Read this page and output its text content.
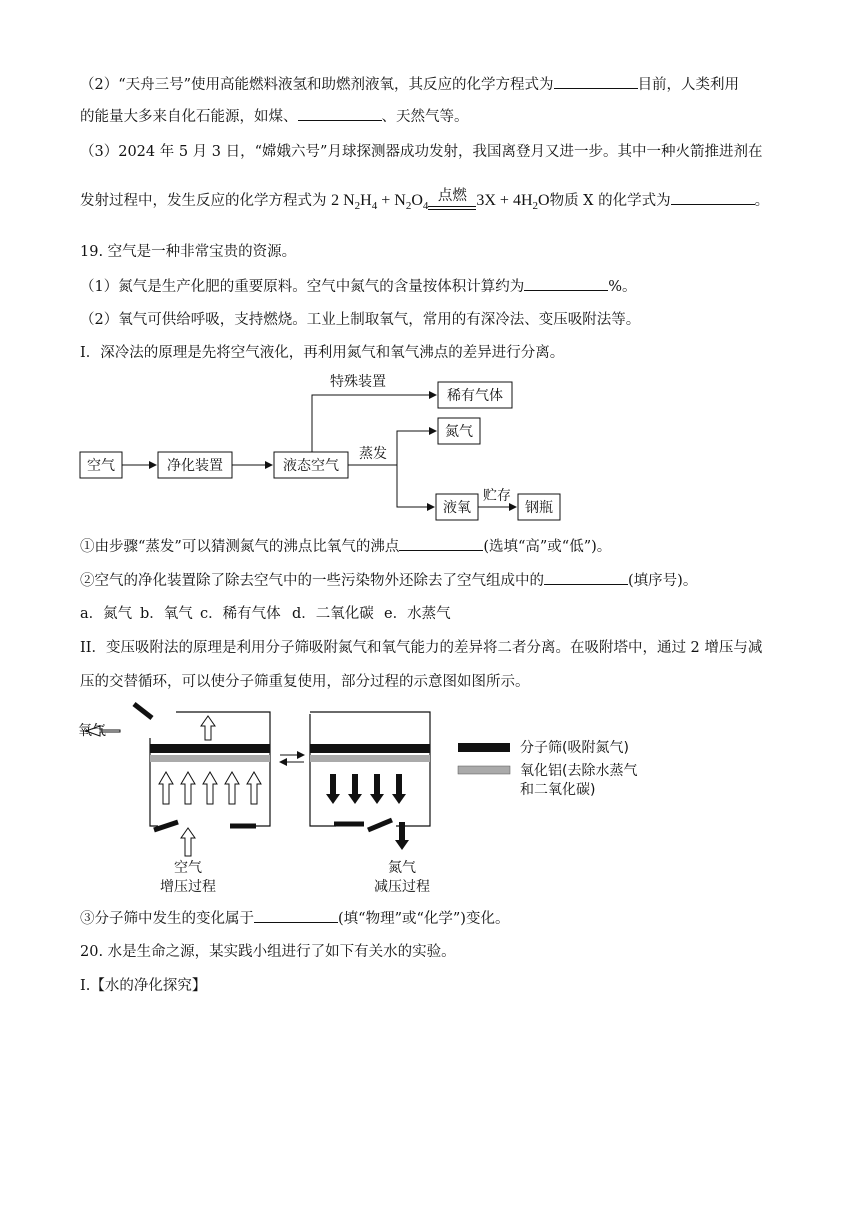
（2）“天舟三号”使用高能燃料液氢和助燃剂液氧，其反应的化学方程式为	目前，人类利用
的能量大多来自化石能源，如煤、	、天然气等。
（3）2024 年 5 月 3 日，“嫦娥六号”月球探测器成功发射，我国离登月又进一步。其中一种火箭推进剂在
发射过程中，发生反应的化学方程式为 2 $N_2H_4 + N_2O_4$
点燃 $3X + 4H_2O$物质 X 的化学式为	。
19. 空气是一种非常宝贵的资源。
（1）氮气是生产化肥的重要原料。空气中氮气的含量按体积计算约为	%。
（2）氧气可供给呼吸，支持燃烧。工业上制取氧气，常用的有深冷法、变压吸附法等。
I．深冷法的原理是先将空气液化，再利用氮气和氧气沸点的差异进行分离。
空气	净化装置	液态空气
特殊装置
稀有气体
蒸发
氮气
液氧
贮存
钢瓶
①由步骤“蒸发”可以猜测氮气的沸点比氧气的沸点	(选填“高”或“低”)。
②空气的净化装置除了除去空气中的一些污染物外还除去了空气组成中的	(填序号)。
a．氮气 b．氧气 c．稀有气体 d．二氧化碳 e．水蒸气
II．变压吸附法的原理是利用分子筛吸附氮气和氧气能力的差异将二者分离。在吸附塔中，通过 2 增压与减
压的交替循环，可以使分子筛重复使用，部分过程的示意图如图所示。
氧气
空气
增压过程
氮气
减压过程
分子筛(吸附氮气)
氧化铝(去除水蒸气
和二氧化碳)
③分子筛中发生的变化属于	(填“物理”或“化学”)变化。
20. 水是生命之源，某实践小组进行了如下有关水的实验。
I.【水的净化探究】
